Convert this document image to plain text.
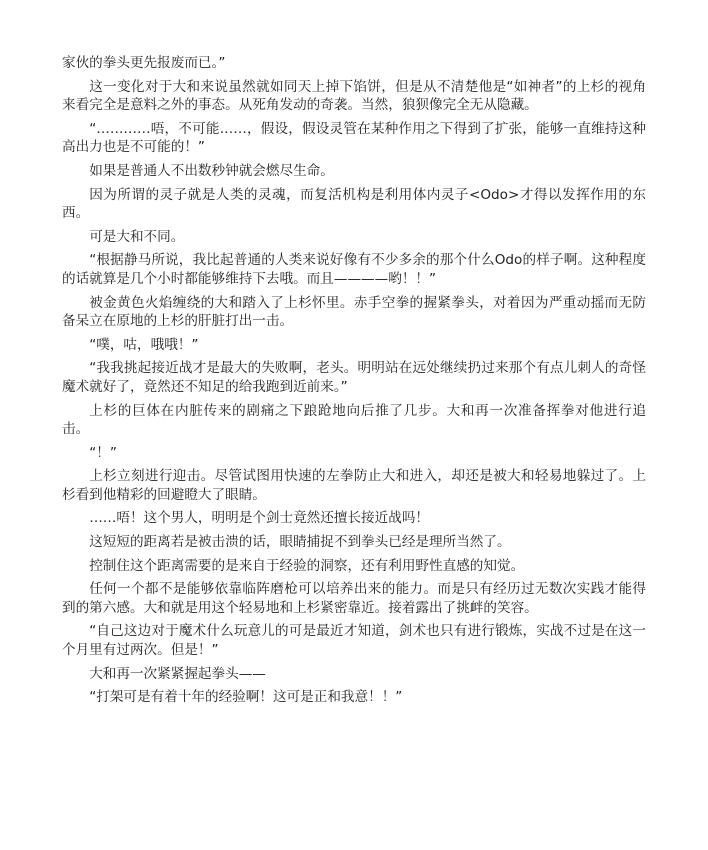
家伙的拳头更先报废而已。”

这一变化对于大和来说虽然就如同天上掉下馅饼，但是从不清楚他是“如神者”的上杉的视角来看完全是意料之外的事态。从死角发动的奇袭。当然，狼狈像完全无从隐藏。

“…………唔，不可能……，假设，假设灵管在某种作用之下得到了扩张，能够一直维持这种高出力也是不可能的！”

如果是普通人不出数秒钟就会燃尽生命。

因为所谓的灵子就是人类的灵魂，而复活机构是利用体内灵子<Odo>才得以发挥作用的东西。

可是大和不同。

“根据静马所说，我比起普通的人类来说好像有不少多余的那个什么Odo的样子啊。这种程度的话就算是几个小时都能够维持下去哦。而且————哟！！”

被金黄色火焰缠绕的大和踏入了上杉怀里。赤手空拳的握紧拳头，对着因为严重动摇而无防备呆立在原地的上杉的肝脏打出一击。

“噗，咕，哦哦！”

“我我挑起接近战才是最大的失败啊，老头。明明站在远处继续扔过来那个有点儿刺人的奇怪魔术就好了，竟然还不知足的给我跑到近前来。”

上杉的巨体在内脏传来的剧痛之下踉跄地向后推了几步。大和再一次准备挥拳对他进行追击。

“！”

上杉立刻进行迎击。尽管试图用快速的左拳防止大和进入，却还是被大和轻易地躲过了。上杉看到他精彩的回避瞪大了眼睛。

……唔！这个男人，明明是个剑士竟然还擅长接近战吗！

这短短的距离若是被击溃的话，眼睛捕捉不到拳头已经是理所当然了。

控制住这个距离需要的是来自于经验的洞察，还有利用野性直感的知觉。

任何一个都不是能够依靠临阵磨枪可以培养出来的能力。而是只有经历过无数次实践才能得到的第六感。大和就是用这个轻易地和上杉紧密靠近。接着露出了挑衅的笑容。

“自己这边对于魔术什么玩意儿的可是最近才知道，剑术也只有进行锻炼，实战不过是在这一个月里有过两次。但是！”

大和再一次紧紧握起拳头——

“打架可是有着十年的经验啊！这可是正和我意！！”
